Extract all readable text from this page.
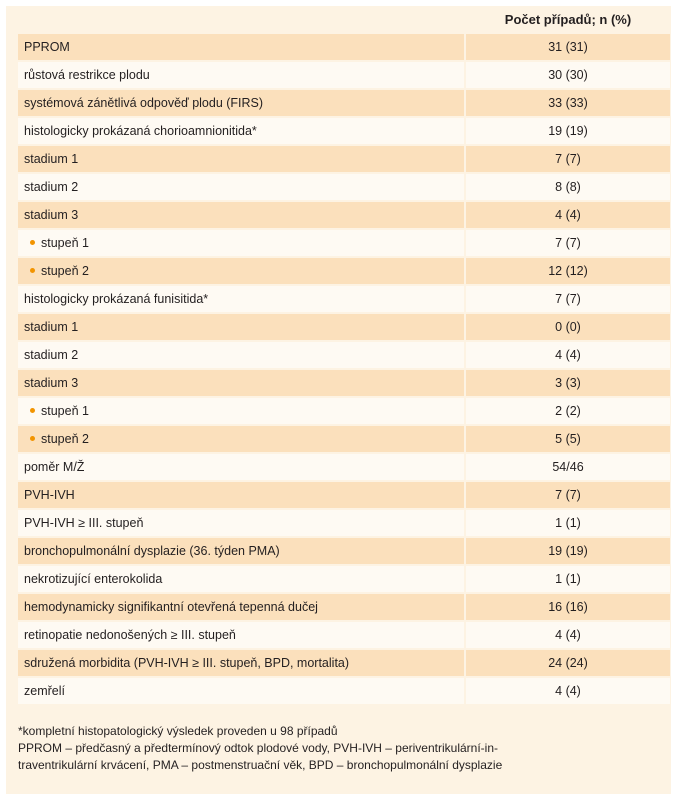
Počet případů; n (%)
PPROM	31 (31)
růstová restrikce plodu	30 (30)
systémová zánětlivá odpověď plodu (FIRS)	33 (33)
histologicky prokázaná chorioamnionitida*	19 (19)
stadium 1	7 (7)
stadium 2	8 (8)
stadium 3	4 (4)
stupeň 1	7 (7)
stupeň 2	12 (12)
histologicky prokázaná funisitida*	7 (7)
stadium 1	0 (0)
stadium 2	4 (4)
stadium 3	3 (3)
stupeň 1	2 (2)
stupeň 2	5 (5)
poměr M/Ž	54/46
PVH-IVH	7 (7)
PVH-IVH ≥ III. stupeň	1 (1)
bronchopulmonální dysplazie (36. týden PMA)	19 (19)
nekrotizující enterokolida	1 (1)
hemodynamicky signifikantní otevřená tepenná dučej	16 (16)
retinopatie nedonošených ≥ III. stupeň	4 (4)
sdružená morbidita (PVH-IVH ≥ III. stupeň, BPD, mortalita)	24 (24)
zemřelí	4 (4)
*kompletní histopatologický výsledek proveden u 98 případů
PPROM – předčasný a předtermínový odtok plodové vody, PVH-IVH – periventrikulární-in-
traventrikulární krvácení, PMA – postmenstruační věk, BPD – bronchopulmonální dysplazie
